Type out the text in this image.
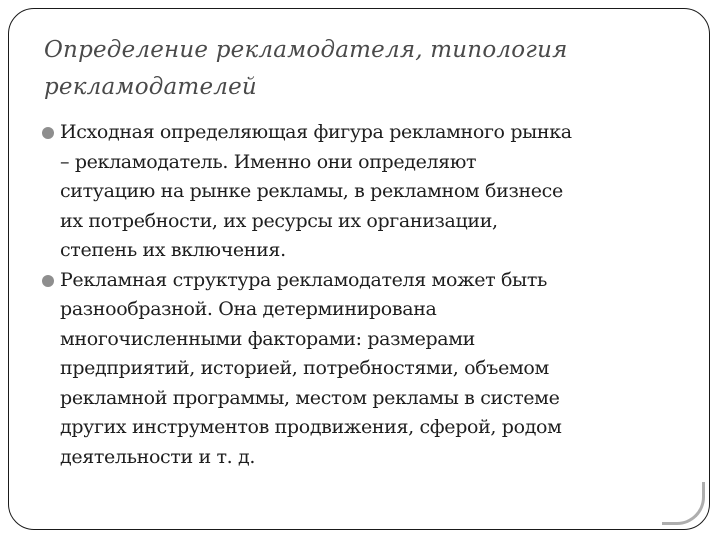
Определение рекламодателя, типология
рекламодателей
Исходная определяющая фигура рекламного рынка
– рекламодатель. Именно они определяют
ситуацию на рынке рекламы, в рекламном бизнесе
их потребности, их ресурсы их организации,
степень их включения.
Рекламная структура рекламодателя может быть
разнообразной. Она детерминирована
многочисленными факторами: размерами
предприятий, историей, потребностями, объемом
рекламной программы, местом рекламы в системе
других инструментов продвижения, сферой, родом
деятельности и т. д.
